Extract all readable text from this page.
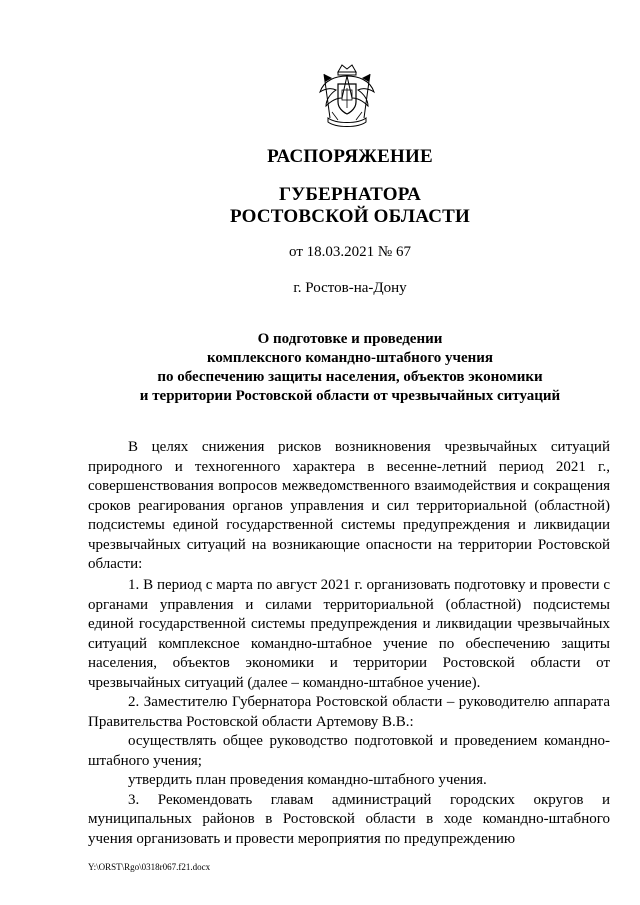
РАСПОРЯЖЕНИЕ
ГУБЕРНАТОРА
РОСТОВСКОЙ ОБЛАСТИ
от 18.03.2021 № 67
г. Ростов-на-Дону
О подготовке и проведении
комплексного командно-штабного учения
по обеспечению защиты населения, объектов экономики
и территории Ростовской области от чрезвычайных ситуаций

В целях снижения рисков возникновения чрезвычайных ситуаций природного и техногенного характера в весенне-летний период 2021 г., совершенствования вопросов межведомственного взаимодействия и сокращения сроков реагирования органов управления и сил территориальной (областной) подсистемы единой государственной системы предупреждения и ликвидации чрезвычайных ситуаций на возникающие опасности на территории Ростовской области:

1. В период с марта по август 2021 г. организовать подготовку и провести с органами управления и силами территориальной (областной) подсистемы единой государственной системы предупреждения и ликвидации чрезвычайных ситуаций комплексное командно-штабное учение по обеспечению защиты населения, объектов экономики и территории Ростовской области от чрезвычайных ситуаций (далее – командно-штабное учение).

2. Заместителю Губернатора Ростовской области – руководителю аппарата Правительства Ростовской области Артемову В.В.:

осуществлять общее руководство подготовкой и проведением командно-штабного учения;

утвердить план проведения командно-штабного учения.

3. Рекомендовать главам администраций городских округов и муниципальных районов в Ростовской области в ходе командно-штабного учения организовать и провести мероприятия по предупреждению

Y:\ORST\Rgo\0318r067.f21.docx
